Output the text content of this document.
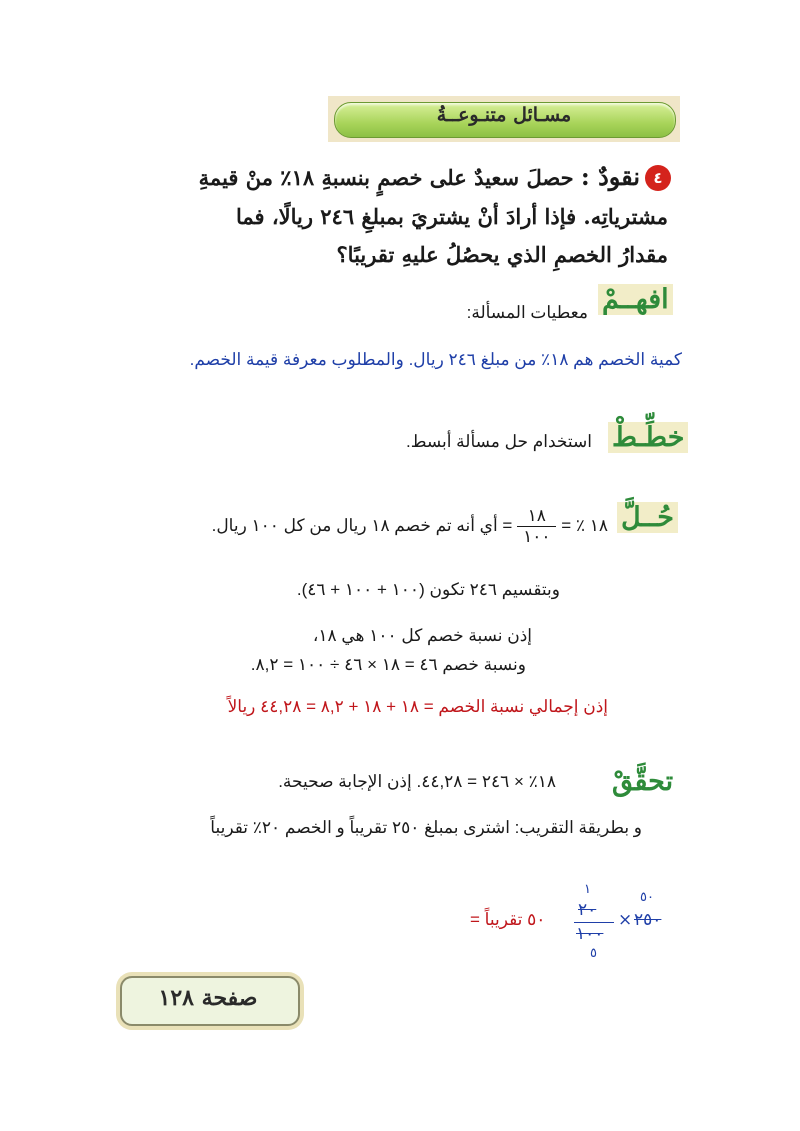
مسـائل متنـوعــةُ
٤
نقودٌ : حصلَ سعيدٌ على خصمٍ بنسبةِ ١٨٪ منْ قيمةِ
مشترياتِه. فإذا أرادَ أنْ يشتريَ بمبلغِ ٢٤٦ ريالًا، فما
مقدارُ الخصمِ الذي يحصُلُ عليهِ تقريبًا؟
افهــمْ
معطيات المسألة:
كمية الخصم هم ١٨٪ من مبلغ ٢٤٦ ريال. والمطلوب معرفة قيمة الخصم.
خطِّـطْ
استخدام حل مسألة أبسط.
حُــلَّ
١٨ ٪ =
$\frac{١٨}{١٠٠}$
= أي أنه تم خصم ١٨ ريال من كل ١٠٠ ريال.
وبتقسيم ٢٤٦ تكون (١٠٠ + ١٠٠ + ٤٦).
إذن نسبة خصم كل ١٠٠ هي ١٨،
ونسبة خصم ٤٦ = ١٨ × ٤٦ ÷ ١٠٠ = ٨,٢.
إذن إجمالي نسبة الخصم = ١٨ + ١٨ + ٨,٢ = ٤٤,٢٨ ريالاً
تحقَّقْ
١٨٪ × ٢٤٦ = ٤٤,٢٨. إذن الإجابة صحيحة.
و بطريقة التقريب: اشترى بمبلغ ٢٥٠ تقريباً و الخصم ٢٠٪ تقريباً
= ٥٠ تقريباً
١
٢٠
١٠٠
٥
× ٢٥٠
٥٠
صفحة ١٢٨
